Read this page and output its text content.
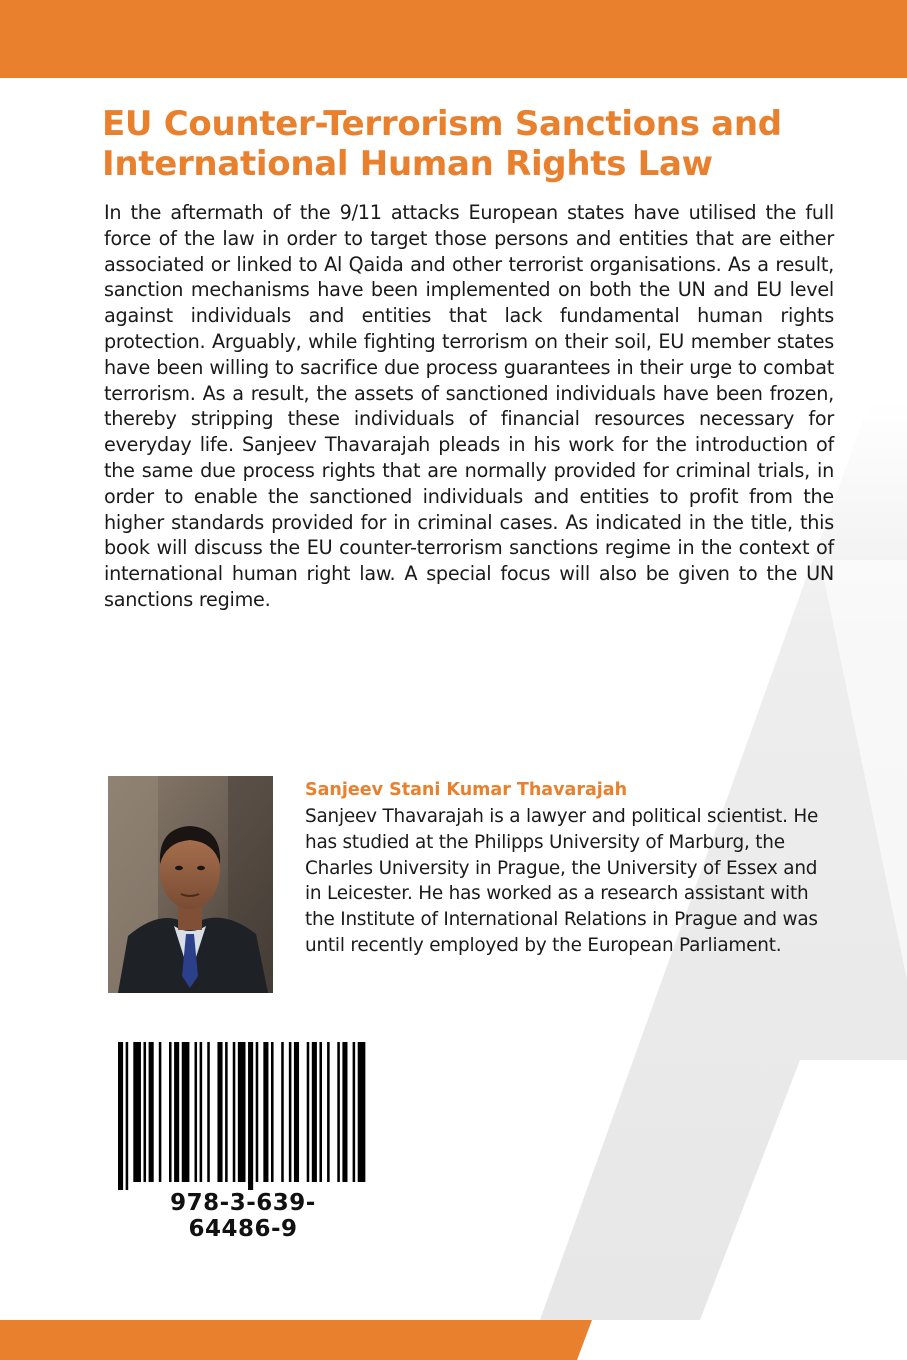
EU Counter-Terrorism Sanctions and International Human Rights Law

In the aftermath of the 9/11 attacks European states have utilised the full force of the law in order to target those persons and entities that are either associated or linked to Al Qaida and other terrorist organisations. As a result, sanction mechanisms have been implemented on both the UN and EU level against individuals and entities that lack fundamental human rights protection. Arguably, while fighting terrorism on their soil, EU member states have been willing to sacrifice due process guarantees in their urge to combat terrorism. As a result, the assets of sanctioned individuals have been frozen, thereby stripping these individuals of financial resources necessary for everyday life. Sanjeev Thavarajah pleads in his work for the introduction of the same due process rights that are normally provided for criminal trials, in order to enable the sanctioned individuals and entities to profit from the higher standards provided for in criminal cases. As indicated in the title, this book will discuss the EU counter-terrorism sanctions regime in the context of international human right law. A special focus will also be given to the UN sanctions regime.

Sanjeev Stani Kumar Thavarajah

Sanjeev Thavarajah is a lawyer and political scientist. He has studied at the Philipps University of Marburg, the Charles University in Prague, the University of Essex and in Leicester. He has worked as a research assistant with the Institute of International Relations in Prague and was until recently employed by the European Parliament.

978-3-639-64486-9
